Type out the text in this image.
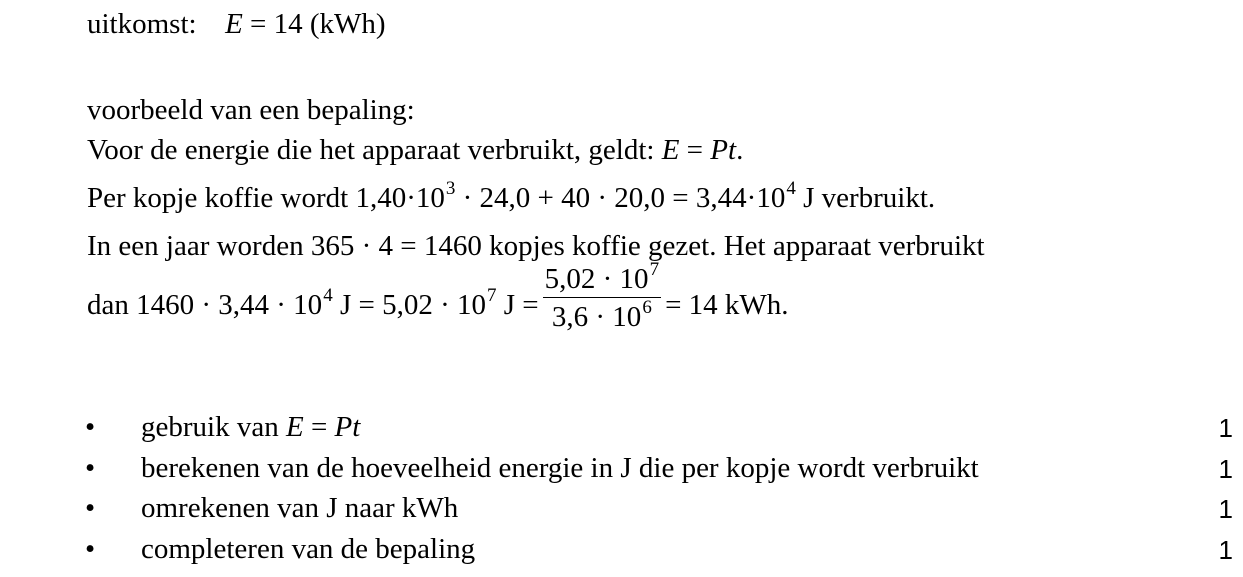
uitkomst: E = 14 (kWh)
voorbeeld van een bepaling:
Voor de energie die het apparaat verbruikt, geldt: E = Pt.
Per kopje koffie wordt $1,40\cdot 10^3 \cdot 24,0 + 40 \cdot 20,0 = 3,44\cdot 10^4$ J verbruikt.
In een jaar worden 365 · 4 = 1460 kopjes koffie gezet. Het apparaat verbruikt
dan $1460 \cdot 3,44 \cdot 10^4$ $J = 5,02 \cdot 10^7$ $J = \frac{5,02 \cdot 10^7}{3,6 \cdot 10^6} = 14$ kWh.
• gebruik van E = Pt	1
• berekenen van de hoeveelheid energie in J die per kopje wordt verbruikt	1
• omrekenen van J naar kWh	1
• completeren van de bepaling	1
